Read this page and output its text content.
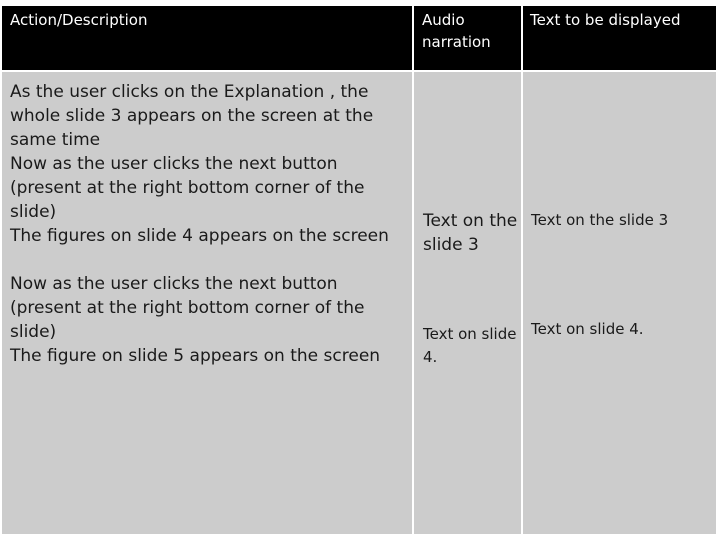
Action/Description	Audio narration
Text to be displayed
As the user clicks on the Explanation , the whole slide 3 appears on the screen at the same time
Now as the user clicks the next button (present at the right bottom corner of the slide)
The figures on slide 4 appears on the screen
Now as the user clicks the next button (present at the right bottom corner of the slide)
The figure on slide 5 appears on the screen
Text on the slide 3
Text on slide 4.
Text on the slide 3
Text on slide 4.
